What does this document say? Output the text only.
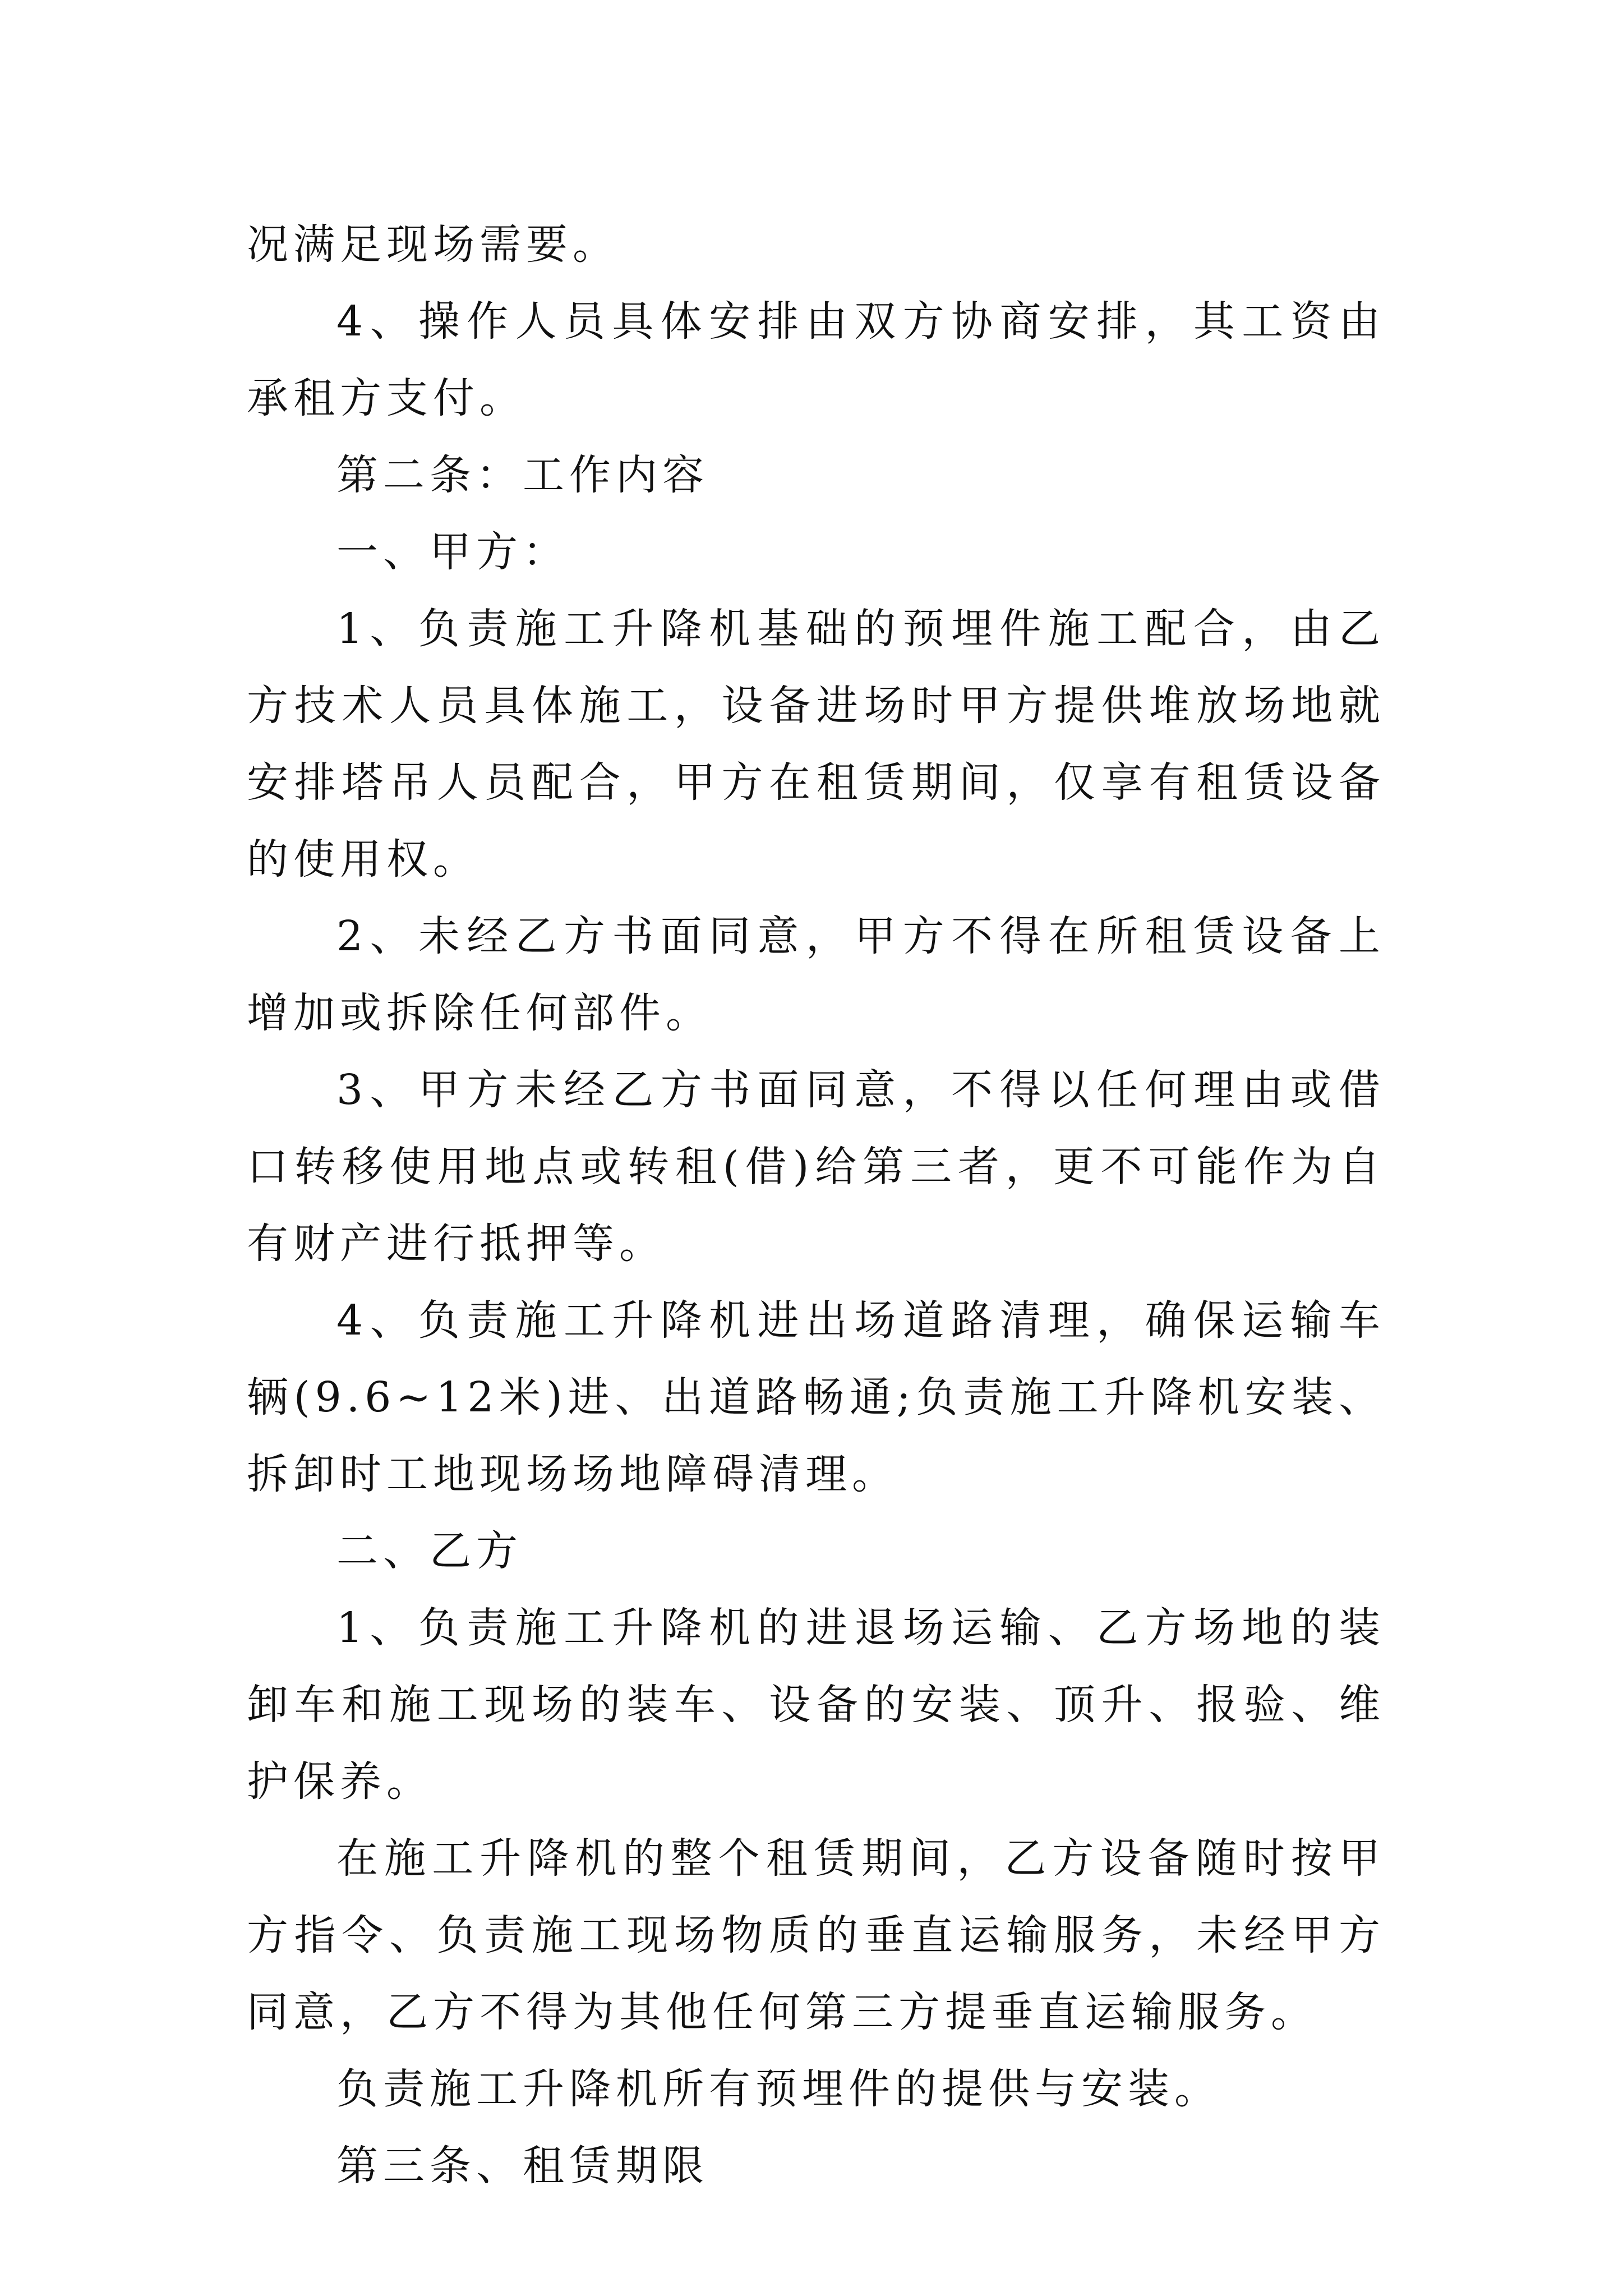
况满足现场需要。

4、操作人员具体安排由双方协商安排，其工资由承租方支付。

第二条：工作内容

一、甲方：

1、负责施工升降机基础的预埋件施工配合，由乙方技术人员具体施工，设备进场时甲方提供堆放场地就安排塔吊人员配合，甲方在租赁期间，仅享有租赁设备的使用权。

2、未经乙方书面同意，甲方不得在所租赁设备上增加或拆除任何部件。

3、甲方未经乙方书面同意，不得以任何理由或借口转移使用地点或转租(借)给第三者，更不可能作为自有财产进行抵押等。

4、负责施工升降机进出场道路清理，确保运输车辆(9.6~12米)进、出道路畅通;负责施工升降机安装、拆卸时工地现场场地障碍清理。

二、乙方

1、负责施工升降机的进退场运输、乙方场地的装卸车和施工现场的装车、设备的安装、顶升、报验、维护保养。

在施工升降机的整个租赁期间，乙方设备随时按甲方指令、负责施工现场物质的垂直运输服务，未经甲方同意，乙方不得为其他任何第三方提垂直运输服务。

负责施工升降机所有预埋件的提供与安装。

第三条、租赁期限
